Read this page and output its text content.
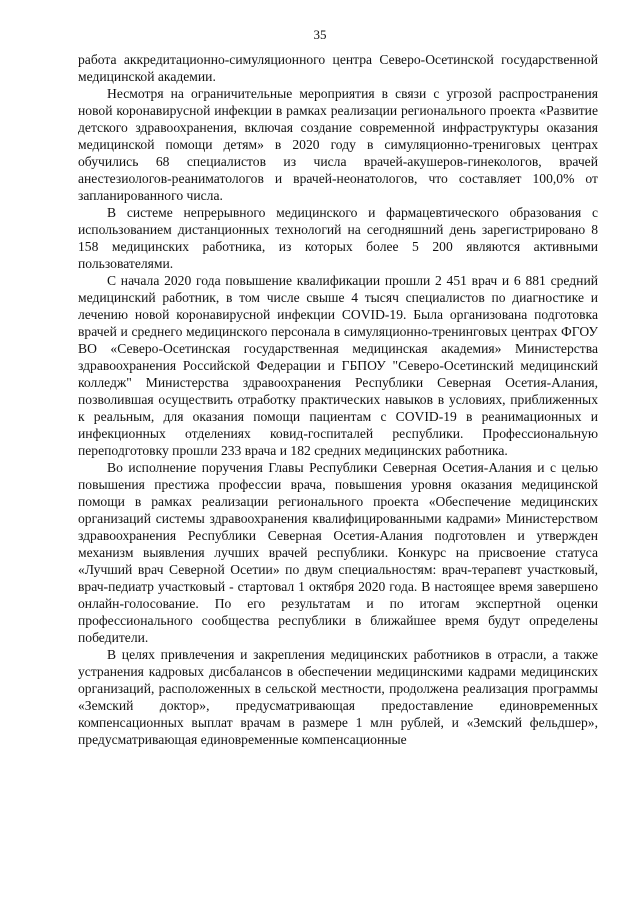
35

работа аккредитационно-симуляционного центра Северо-Осетинской государственной медицинской академии.

Несмотря на ограничительные мероприятия в связи с угрозой распространения новой коронавирусной инфекции в рамках реализации регионального проекта «Развитие детского здравоохранения, включая создание современной инфраструктуры оказания медицинской помощи детям» в 2020 году в симуляционно-трениговых центрах обучились 68 специалистов из числа врачей-акушеров-гинекологов, врачей анестезиологов-реаниматологов и врачей-неонатологов, что составляет 100,0% от запланированного числа.

В системе непрерывного медицинского и фармацевтического образования с использованием дистанционных технологий на сегодняшний день зарегистрировано 8 158 медицинских работника, из которых более 5 200 являются активными пользователями.

С начала 2020 года повышение квалификации прошли 2 451 врач и 6 881 средний медицинский работник, в том числе свыше 4 тысяч специалистов по диагностике и лечению новой коронавирусной инфекции COVID-19. Была организована подготовка врачей и среднего медицинского персонала в симуляционно-тренинговых центрах ФГОУ ВО «Северо-Осетинская государственная медицинская академия» Министерства здравоохранения Российской Федерации и ГБПОУ "Северо-Осетинский медицинский колледж" Министерства здравоохранения Республики Северная Осетия-Алания, позволившая осуществить отработку практических навыков в условиях, приближенных к реальным, для оказания помощи пациентам с COVID-19 в реанимационных и инфекционных отделениях ковид-госпиталей республики. Профессиональную переподготовку прошли 233 врача и 182 средних медицинских работника.

Во исполнение поручения Главы Республики Северная Осетия-Алания и с целью повышения престижа профессии врача, повышения уровня оказания медицинской помощи в рамках реализации регионального проекта «Обеспечение медицинских организаций системы здравоохранения квалифицированными кадрами» Министерством здравоохранения Республики Северная Осетия-Алания подготовлен и утвержден механизм выявления лучших врачей республики. Конкурс на присвоение статуса «Лучший врач Северной Осетии» по двум специальностям: врач-терапевт участковый, врач-педиатр участковый - стартовал 1 октября 2020 года. В настоящее время завершено онлайн-голосование. По его результатам и по итогам экспертной оценки профессионального сообщества республики в ближайшее время будут определены победители.

В целях привлечения и закрепления медицинских работников в отрасли, а также устранения кадровых дисбалансов в обеспечении медицинскими кадрами медицинских организаций, расположенных в сельской местности, продолжена реализация программы «Земский доктор», предусматривающая предоставление единовременных компенсационных выплат врачам в размере 1 млн рублей, и «Земский фельдшер», предусматривающая единовременные компенсационные
